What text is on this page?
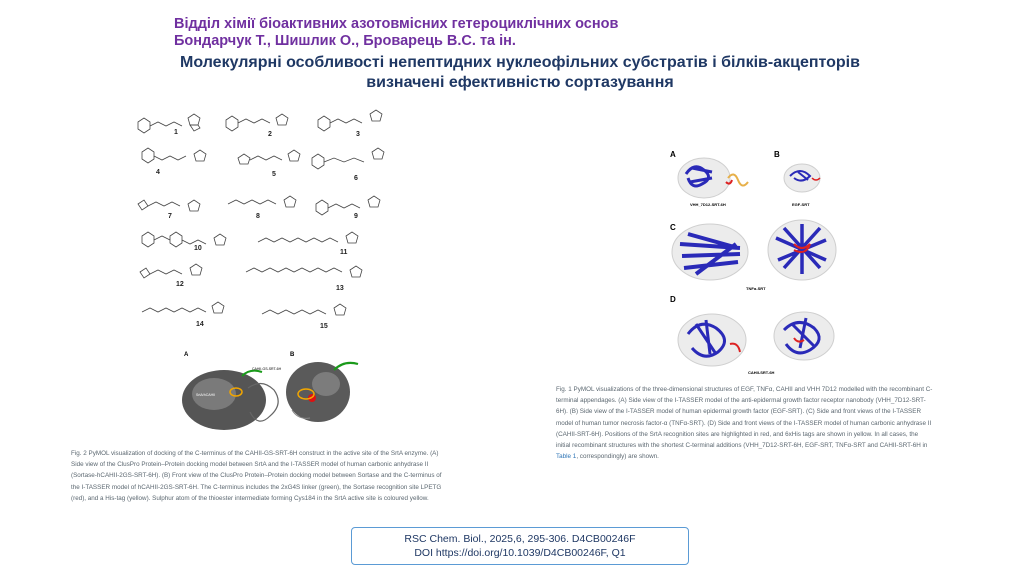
Відділ хімії біоактивних азотовмісних гетероциклічних основ
Бондарчук Т., Шишлик О., Броварець В.С. та ін.
Молекулярні особливості непептидних нуклеофільних субстратів і білків-акцепторів
визначені ефективністю сортазування
1	2	3
4	5
6
7	8	9
10
11
12
13
14	15
A	B
CAHII-GS-SRT-6H
SrtA/hCAHII
Fig. 2 PyMOL visualization of docking of the C-terminus of the CAHII-GS-SRT-6H construct in the active site of the SrtA enzyme. (A)
Side view of the ClusPro Protein–Protein docking model between SrtA and the I-TASSER model of human carbonic anhydrase II
(Sortase-hCAHII-2GS-SRT-6H). (B) Front view of the ClusPro Protein–Protein docking model between Sortase and the C-terminus of
the I-TASSER model of hCAHII-2GS-SRT-6H. The C-terminus includes the 2xG4S linker (green), the Sortase recognition site LPETG
(red), and a His-tag (yellow). Sulphur atom of the thioester intermediate forming Cys184 in the SrtA active site is coloured yellow.
A	B
C
D
VHH_7D12-SRT-6H	EGF-SRT
TNFα-SRT
CAHII-SRT-6H
Fig. 1 PyMOL visualizations of the three-dimensional structures of EGF, TNFα, CAHII and VHH 7D12 modelled with the recombinant C-
terminal appendages. (A) Side view of the I-TASSER model of the anti-epidermal growth factor receptor nanobody (VHH_7D12-SRT-
6H). (B) Side view of the I-TASSER model of human epidermal growth factor (EGF-SRT). (C) Side and front views of the I-TASSER
model of human tumor necrosis factor-α (TNFα-SRT). (D) Side and front views of the I-TASSER model of human carbonic anhydrase II
(CAHII-SRT-6H). Positions of the SrtA recognition sites are highlighted in red, and 6xHis tags are shown in yellow. In all cases, the
initial recombinant structures with the shortest C-terminal additions (VHH_7D12-SRT-6H, EGF-SRT, TNFα-SRT and CAHII-SRT-6H in
Table 1, correspondingly) are shown.
RSC Chem. Biol., 2025,6, 295-306. D4CB00246F
DOI https://doi.org/10.1039/D4CB00246F, Q1
